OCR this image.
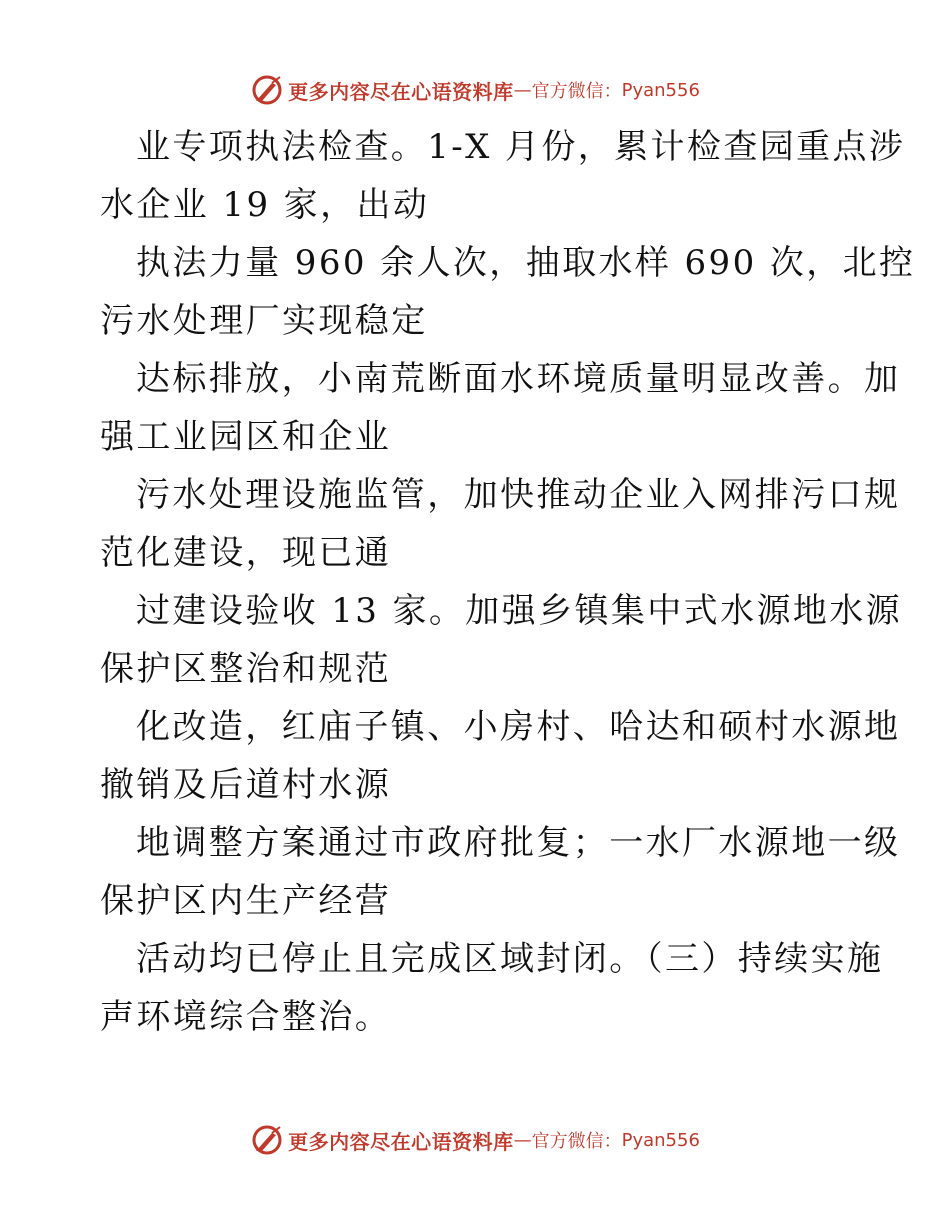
更多内容尽在心语资料库 — 官方微信： Pyan556

业专项执法检查。1-X 月份，累计检查园重点涉
水企业 19 家，出动

执法力量 960 余人次，抽取水样 690 次，北控
污水处理厂实现稳定

达标排放，小南荒断面水环境质量明显改善。加
强工业园区和企业

污水处理设施监管，加快推动企业入网排污口规
范化建设，现已通

过建设验收 13 家。加强乡镇集中式水源地水源
保护区整治和规范

化改造，红庙子镇、小房村、哈达和硕村水源地
撤销及后道村水源

地调整方案通过市政府批复；一水厂水源地一级
保护区内生产经营

活动均已停止且完成区域封闭。（三）持续实施
声环境综合整治。

更多内容尽在心语资料库 — 官方微信： Pyan556
